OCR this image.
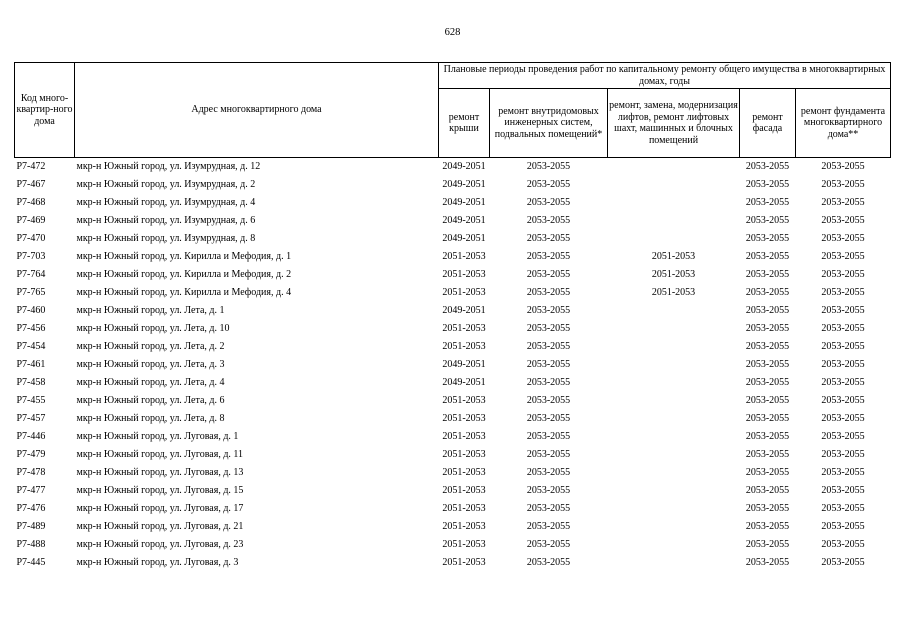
628
Код много-квартир-ного дома	Адрес многоквартирного дома	Плановые периоды проведения работ по капитальному ремонту общего имущества в многоквартирных домах, годы				
		ремонт крыши	ремонт внутридомовых инженерных систем, подвальных помещений*	ремонт, замена, модернизация лифтов, ремонт лифтовых шахт, машинных и блочных помещений	ремонт фасада	ремонт фундамента многоквартирного дома**
Р7-472	мкр-н Южный город, ул. Изумрудная, д. 12	2049-2051	2053-2055		2053-2055	2053-2055
Р7-467	мкр-н Южный город, ул. Изумрудная, д. 2	2049-2051	2053-2055		2053-2055	2053-2055
Р7-468	мкр-н Южный город, ул. Изумрудная, д. 4	2049-2051	2053-2055		2053-2055	2053-2055
Р7-469	мкр-н Южный город, ул. Изумрудная, д. 6	2049-2051	2053-2055		2053-2055	2053-2055
Р7-470	мкр-н Южный город, ул. Изумрудная, д. 8	2049-2051	2053-2055		2053-2055	2053-2055
Р7-703	мкр-н Южный город, ул. Кирилла и Мефодия, д. 1	2051-2053	2053-2055	2051-2053	2053-2055	2053-2055
Р7-764	мкр-н Южный город, ул. Кирилла и Мефодия, д. 2	2051-2053	2053-2055	2051-2053	2053-2055	2053-2055
Р7-765	мкр-н Южный город, ул. Кирилла и Мефодия, д. 4	2051-2053	2053-2055	2051-2053	2053-2055	2053-2055
Р7-460	мкр-н Южный город, ул. Лета, д. 1	2049-2051	2053-2055		2053-2055	2053-2055
Р7-456	мкр-н Южный город, ул. Лета, д. 10	2051-2053	2053-2055		2053-2055	2053-2055
Р7-454	мкр-н Южный город, ул. Лета, д. 2	2051-2053	2053-2055		2053-2055	2053-2055
Р7-461	мкр-н Южный город, ул. Лета, д. 3	2049-2051	2053-2055		2053-2055	2053-2055
Р7-458	мкр-н Южный город, ул. Лета, д. 4	2049-2051	2053-2055		2053-2055	2053-2055
Р7-455	мкр-н Южный город, ул. Лета, д. 6	2051-2053	2053-2055		2053-2055	2053-2055
Р7-457	мкр-н Южный город, ул. Лета, д. 8	2051-2053	2053-2055		2053-2055	2053-2055
Р7-446	мкр-н Южный город, ул. Луговая, д. 1	2051-2053	2053-2055		2053-2055	2053-2055
Р7-479	мкр-н Южный город, ул. Луговая, д. 11	2051-2053	2053-2055		2053-2055	2053-2055
Р7-478	мкр-н Южный город, ул. Луговая, д. 13	2051-2053	2053-2055		2053-2055	2053-2055
Р7-477	мкр-н Южный город, ул. Луговая, д. 15	2051-2053	2053-2055		2053-2055	2053-2055
Р7-476	мкр-н Южный город, ул. Луговая, д. 17	2051-2053	2053-2055		2053-2055	2053-2055
Р7-489	мкр-н Южный город, ул. Луговая, д. 21	2051-2053	2053-2055		2053-2055	2053-2055
Р7-488	мкр-н Южный город, ул. Луговая, д. 23	2051-2053	2053-2055		2053-2055	2053-2055
Р7-445	мкр-н Южный город, ул. Луговая, д. 3	2051-2053	2053-2055		2053-2055	2053-2055
